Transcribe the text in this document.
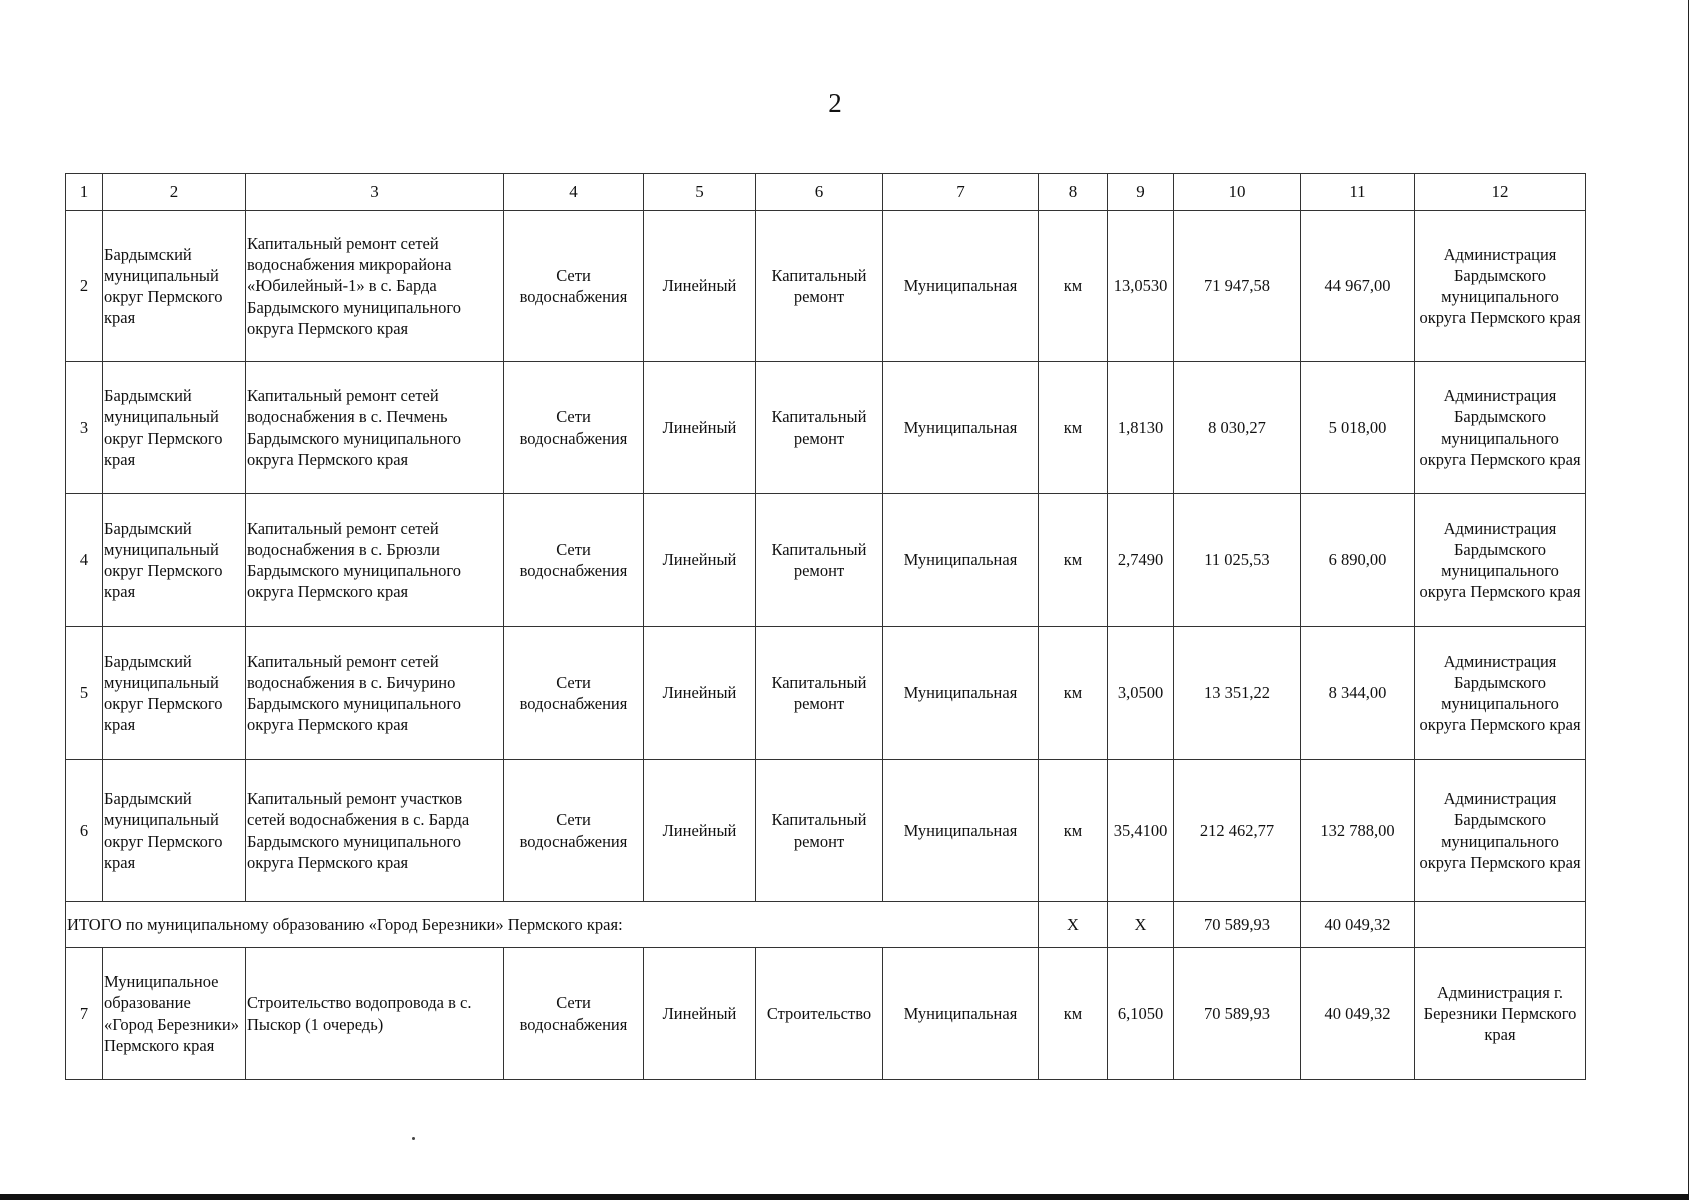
2
1	2	3	4	5	6	7	8	9	10	11	12
2	Бардымский муниципальный округ Пермского края	Капитальный ремонт сетей водоснабжения микрорайона «Юбилейный-1» в с. Барда Бардымского муниципального округа Пермского края	Сети водоснабжения	Линейный	Капитальный ремонт	Муниципальная	км	13,0530	71 947,58	44 967,00	Администрация Бардымского муниципального округа Пермского края
3	Бардымский муниципальный округ Пермского края	Капитальный ремонт сетей водоснабжения в с. Печмень Бардымского муниципального округа Пермского края	Сети водоснабжения	Линейный	Капитальный ремонт	Муниципальная	км	1,8130	8 030,27	5 018,00	Администрация Бардымского муниципального округа Пермского края
4	Бардымский муниципальный округ Пермского края	Капитальный ремонт сетей водоснабжения в с. Брюзли Бардымского муниципального округа Пермского края	Сети водоснабжения	Линейный	Капитальный ремонт	Муниципальная	км	2,7490	11 025,53	6 890,00	Администрация Бардымского муниципального округа Пермского края
5	Бардымский муниципальный округ Пермского края	Капитальный ремонт сетей водоснабжения в с. Бичурино Бардымского муниципального округа Пермского края	Сети водоснабжения	Линейный	Капитальный ремонт	Муниципальная	км	3,0500	13 351,22	8 344,00	Администрация Бардымского муниципального округа Пермского края
6	Бардымский муниципальный округ Пермского края	Капитальный ремонт участков сетей водоснабжения в с. Барда Бардымского муниципального округа Пермского края	Сети водоснабжения	Линейный	Капитальный ремонт	Муниципальная	км	35,4100	212 462,77	132 788,00	Администрация Бардымского муниципального округа Пермского края
ИТОГО по муниципальному образованию «Город Березники» Пермского края:							Х	Х	70 589,93	40 049,32	
7	Муниципальное образование «Город Березники» Пермского края	Строительство водопровода в с. Пыскор (1 очередь)	Сети водоснабжения	Линейный	Строительство	Муниципальная	км	6,1050	70 589,93	40 049,32	Администрация г. Березники Пермского края
